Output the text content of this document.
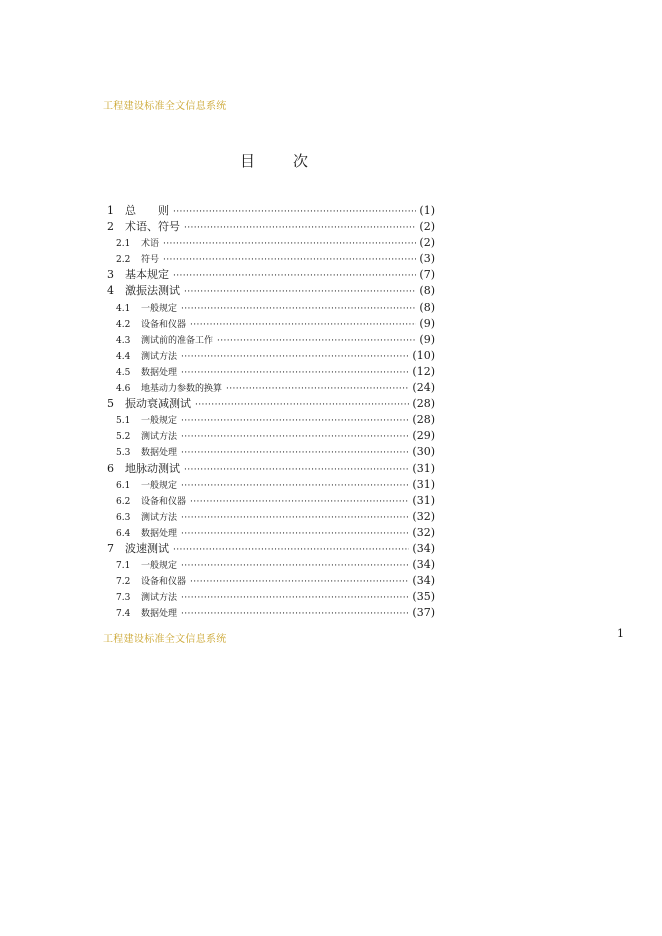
工程建设标准全文信息系统
目	次
1	总　　则 ·····	(1)
2	术语、符号 ·····	(2)
2.1	术语 ·····	(2)
2.2	符号 ·····	(3)
3	基本规定 ·····	(7)
4	激振法测试 ·····	(8)
4.1	一般规定 ·····	(8)
4.2	设备和仪器 ·····	(9)
4.3	测试前的准备工作 ·····	(9)
4.4	测试方法 ·····	(10)
4.5	数据处理 ·····	(12)
4.6	地基动力参数的换算 ·····	(24)
5	振动衰减测试 ·····	(28)
5.1	一般规定 ·····	(28)
5.2	测试方法 ·····	(29)
5.3	数据处理 ·····	(30)
6	地脉动测试 ·····	(31)
6.1	一般规定 ·····	(31)
6.2	设备和仪器 ·····	(31)
6.3	测试方法 ·····	(32)
6.4	数据处理 ·····	(32)
7	波速测试 ·····	(34)
7.1	一般规定 ·····	(34)
7.2	设备和仪器 ·····	(34)
7.3	测试方法 ·····	(35)
7.4	数据处理 ·····	(37)
工程建设标准全文信息系统	1
